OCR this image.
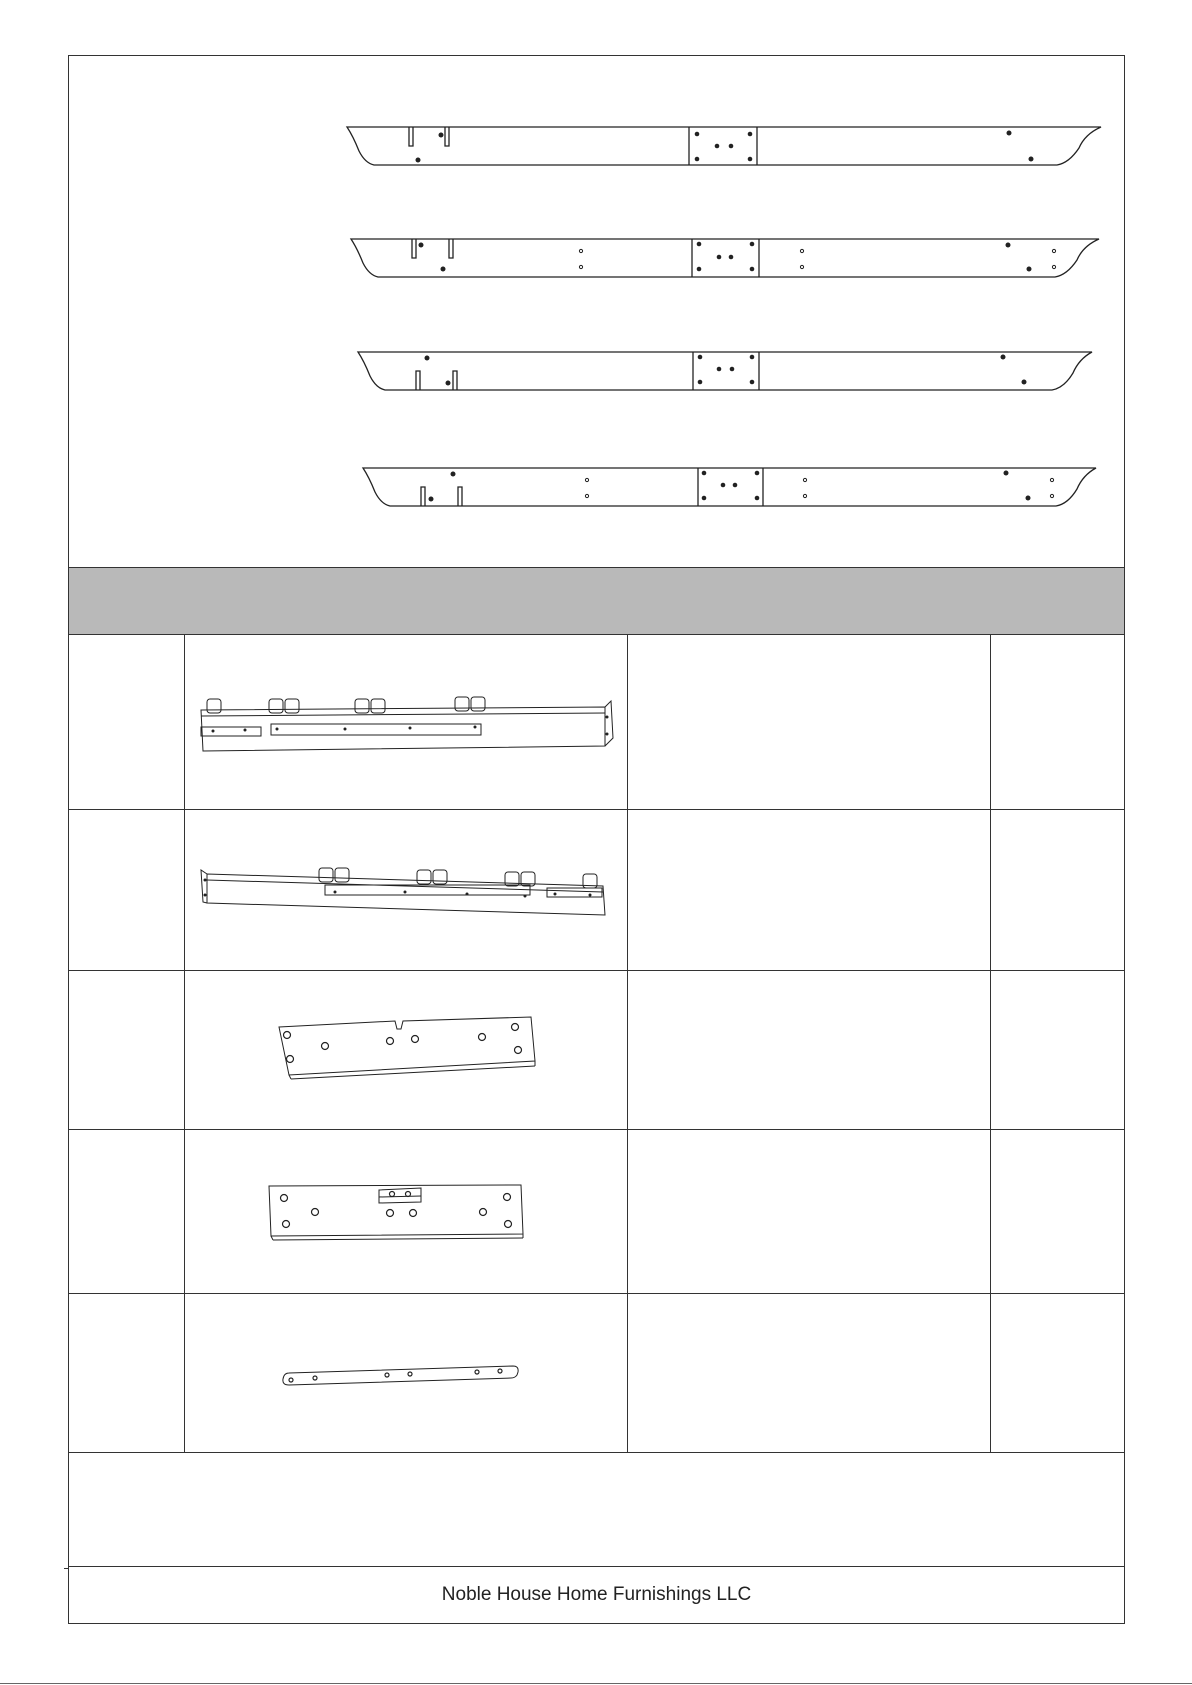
Noble House Home Furnishings LLC
